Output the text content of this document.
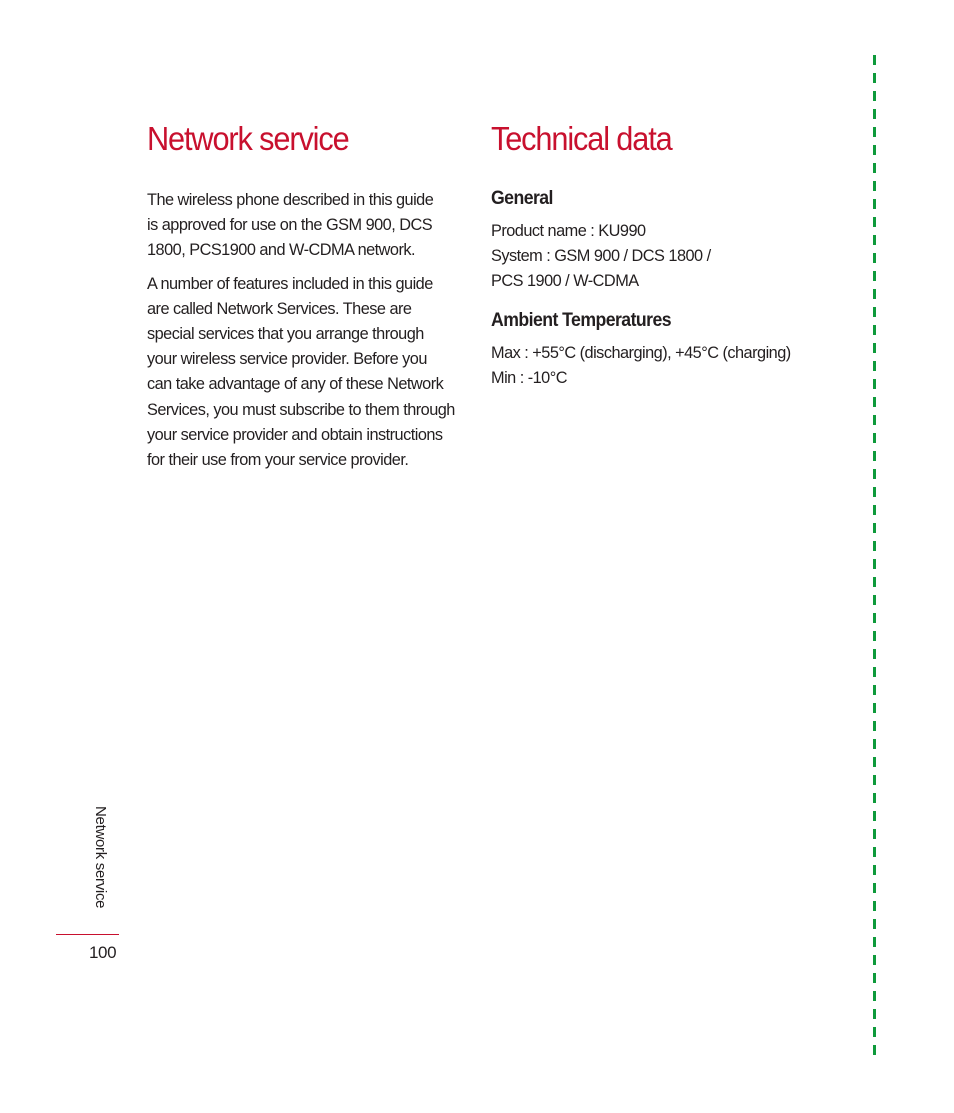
Network service

The wireless phone described in this guide
is approved for use on the GSM 900, DCS
1800, PCS1900 and W-CDMA network.

A number of features included in this guide
are called Network Services. These are
special services that you arrange through
your wireless service provider. Before you
can take advantage of any of these Network
Services, you must subscribe to them through
your service provider and obtain instructions
for their use from your service provider.

Technical data
General
Product name : KU990
System : GSM 900 / DCS 1800 /
PCS 1900 / W-CDMA
Ambient Temperatures
Max : +55°C (discharging), +45°C (charging)
Min : -10°C
Network service
100
